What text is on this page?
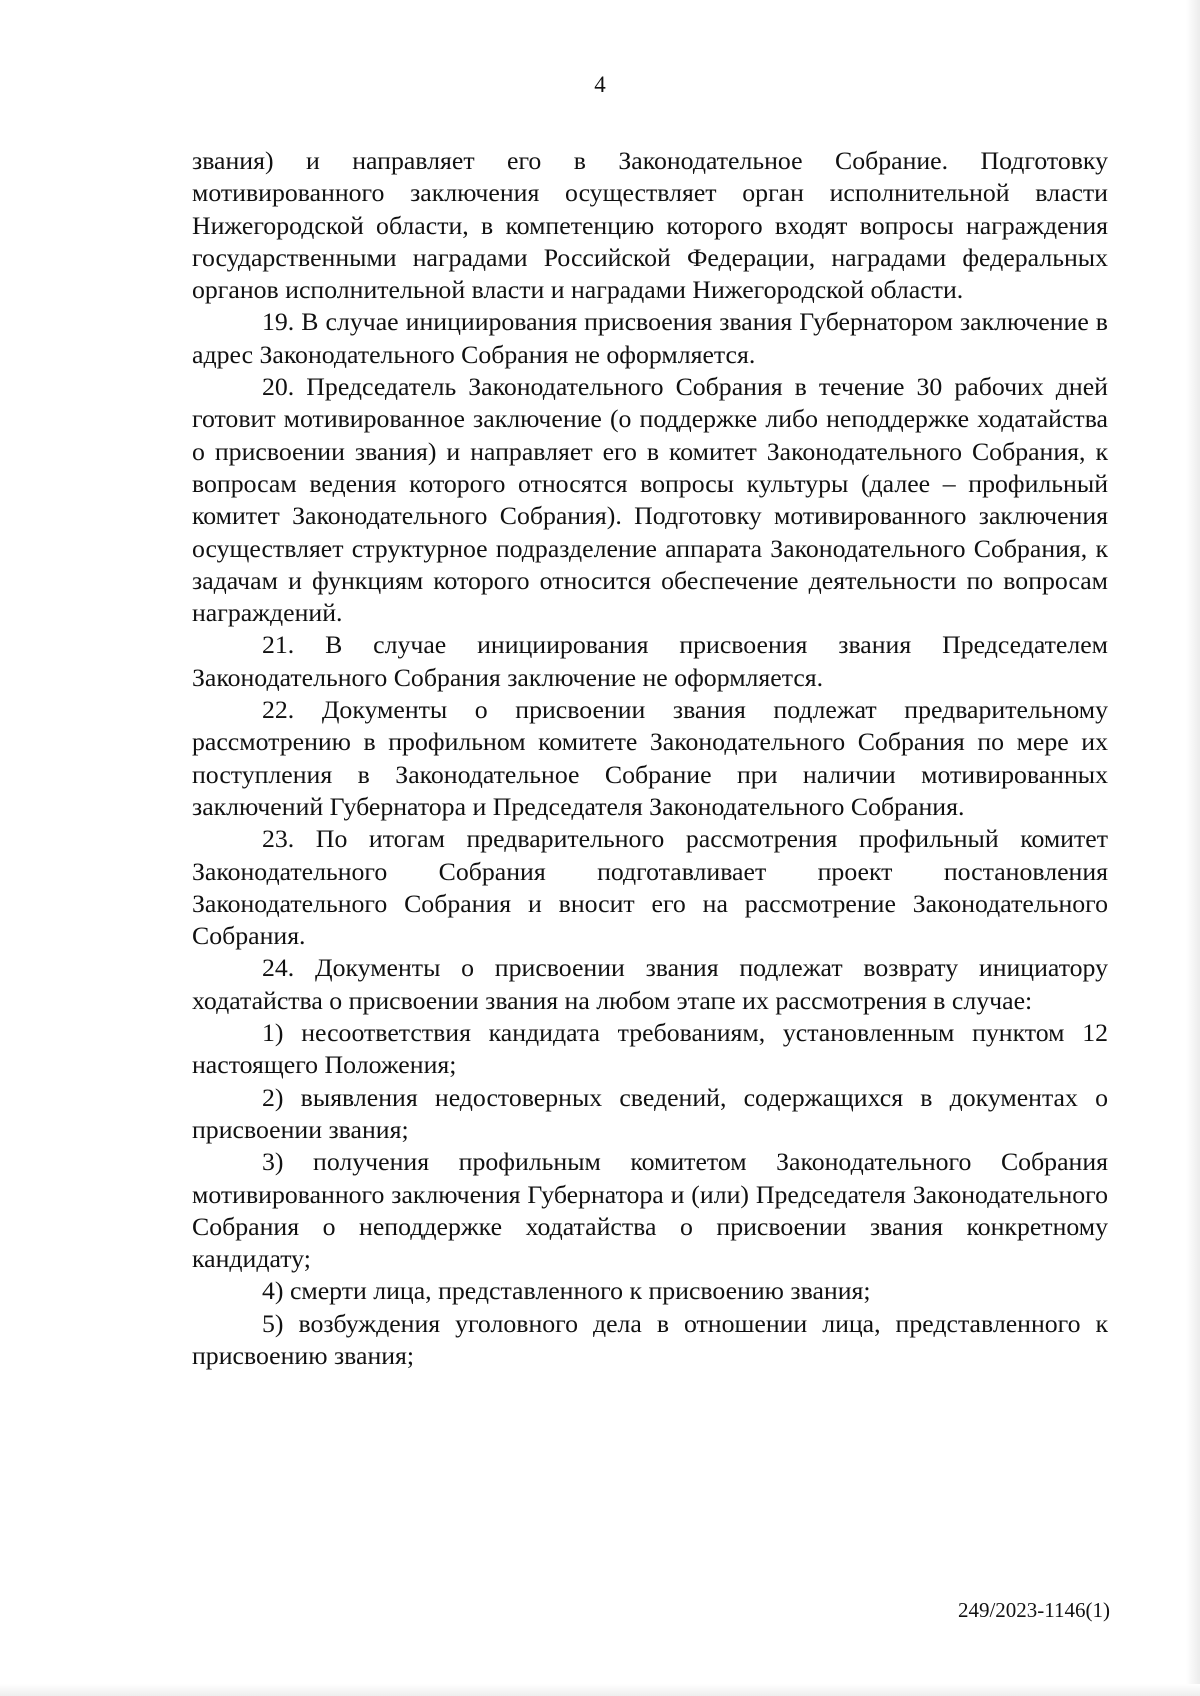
4

звания) и направляет его в Законодательное Собрание. Подготовку мотивированного заключения осуществляет орган исполнительной власти Нижегородской области, в компетенцию которого входят вопросы награждения государственными наградами Российской Федерации, наградами федеральных органов исполнительной власти и наградами Нижегородской области.

19. В случае инициирования присвоения звания Губернатором заключение в адрес Законодательного Собрания не оформляется.

20. Председатель Законодательного Собрания в течение 30 рабочих дней готовит мотивированное заключение (о поддержке либо неподдержке ходатайства о присвоении звания) и направляет его в комитет Законодательного Собрания, к вопросам ведения которого относятся вопросы культуры (далее – профильный комитет Законодательного Собрания). Подготовку мотивированного заключения осуществляет структурное подразделение аппарата Законодательного Собрания, к задачам и функциям которого относится обеспечение деятельности по вопросам награждений.

21. В случае инициирования присвоения звания Председателем Законодательного Собрания заключение не оформляется.

22. Документы о присвоении звания подлежат предварительному рассмотрению в профильном комитете Законодательного Собрания по мере их поступления в Законодательное Собрание при наличии мотивированных заключений Губернатора и Председателя Законодательного Собрания.

23. По итогам предварительного рассмотрения профильный комитет Законодательного Собрания подготавливает проект постановления Законодательного Собрания и вносит его на рассмотрение Законодательного Собрания.

24. Документы о присвоении звания подлежат возврату инициатору ходатайства о присвоении звания на любом этапе их рассмотрения в случае:

1) несоответствия кандидата требованиям, установленным пунктом 12 настоящего Положения;

2) выявления недостоверных сведений, содержащихся в документах о присвоении звания;

3) получения профильным комитетом Законодательного Собрания мотивированного заключения Губернатора и (или) Председателя Законодательного Собрания о неподдержке ходатайства о присвоении звания конкретному кандидату;

4) смерти лица, представленного к присвоению звания;

5) возбуждения уголовного дела в отношении лица, представленного к присвоению звания;

249/2023-1146(1)
